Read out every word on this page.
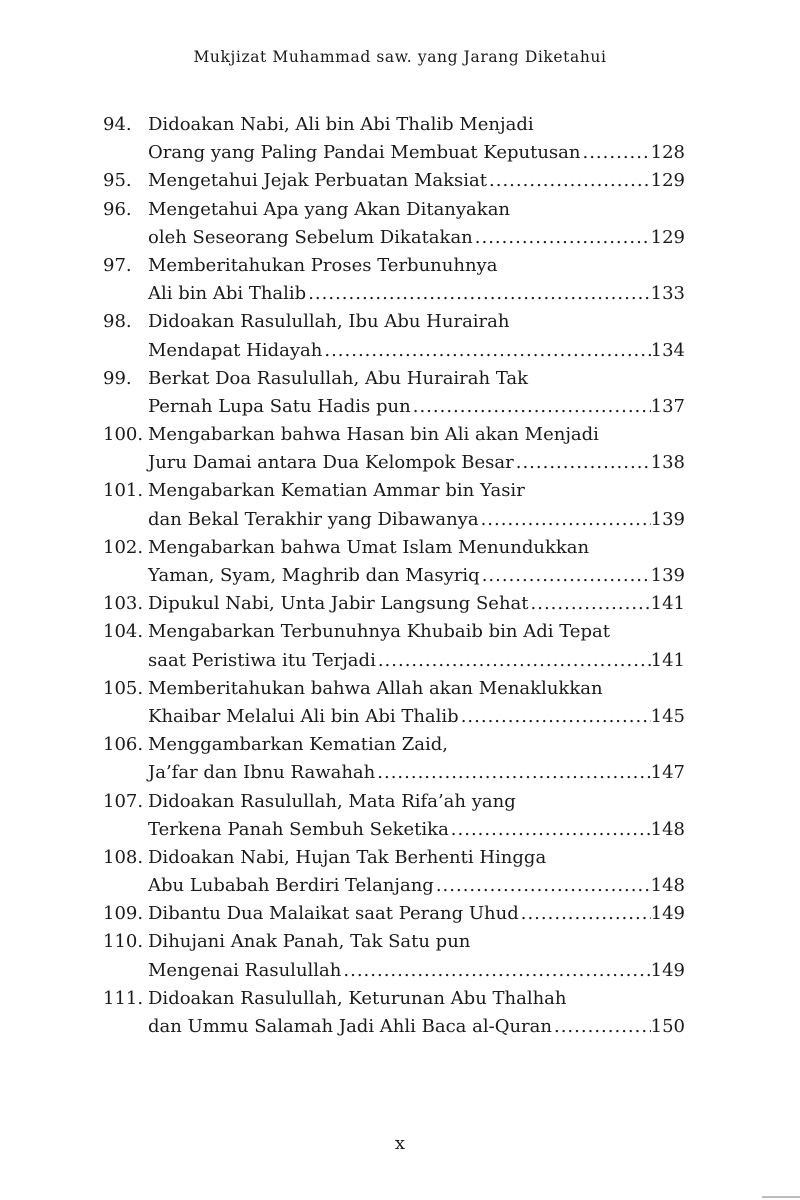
Mukjizat Muhammad saw. yang Jarang Diketahui
94. Didoakan Nabi, Ali bin Abi Thalib Menjadi
Orang yang Paling Pandai Membuat Keputusan .....	128
95. Mengetahui Jejak Perbuatan Maksiat .....	129
96. Mengetahui Apa yang Akan Ditanyakan
oleh Seseorang Sebelum Dikatakan .....	129
97. Memberitahukan Proses Terbunuhnya
Ali bin Abi Thalib .....	133
98. Didoakan Rasulullah, Ibu Abu Hurairah
Mendapat Hidayah .....	134
99. Berkat Doa Rasulullah, Abu Hurairah Tak
Pernah Lupa Satu Hadis pun .....	137
100. Mengabarkan bahwa Hasan bin Ali akan Menjadi
Juru Damai antara Dua Kelompok Besar .....	138
101. Mengabarkan Kematian Ammar bin Yasir
dan Bekal Terakhir yang Dibawanya .....	139
102. Mengabarkan bahwa Umat Islam Menundukkan
Yaman, Syam, Maghrib dan Masyriq .....	139
103. Dipukul Nabi, Unta Jabir Langsung Sehat .....	141
104. Mengabarkan Terbunuhnya Khubaib bin Adi Tepat
saat Peristiwa itu Terjadi .....	141
105. Memberitahukan bahwa Allah akan Menaklukkan
Khaibar Melalui Ali bin Abi Thalib .....	145
106. Menggambarkan Kematian Zaid,
Ja’far dan Ibnu Rawahah .....	147
107. Didoakan Rasulullah, Mata Rifa’ah yang
Terkena Panah Sembuh Seketika .....	148
108. Didoakan Nabi, Hujan Tak Berhenti Hingga
Abu Lubabah Berdiri Telanjang .....	148
109. Dibantu Dua Malaikat saat Perang Uhud .....	149
110. Dihujani Anak Panah, Tak Satu pun
Mengenai Rasulullah .....	149
111. Didoakan Rasulullah, Keturunan Abu Thalhah
dan Ummu Salamah Jadi Ahli Baca al-Quran .....	150
x
